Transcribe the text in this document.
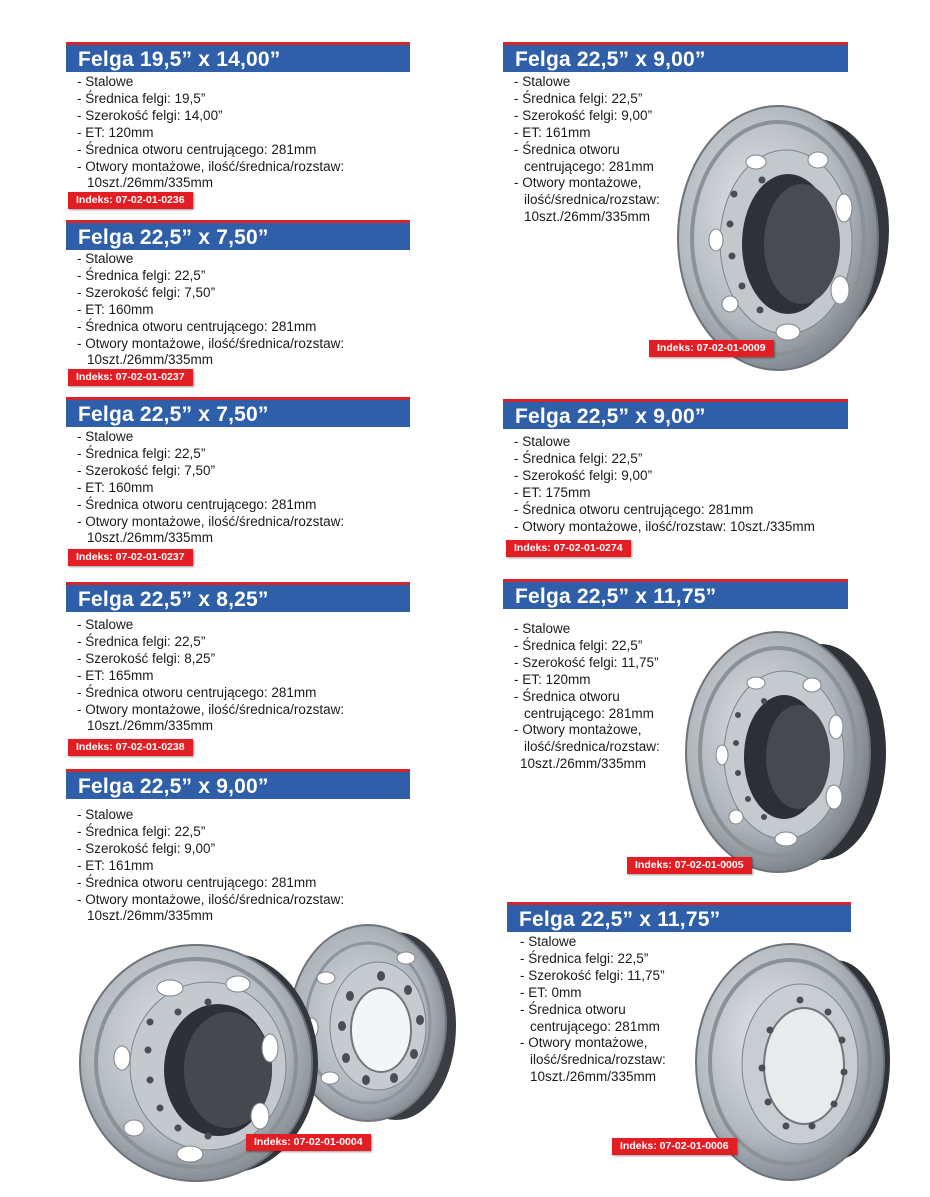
Felga 19,5” x 14,00”
- Stalowe
- Średnica felgi: 19,5”
- Szerokość felgi: 14,00”
- ET: 120mm
- Średnica otworu centrującego: 281mm
- Otwory montażowe, ilość/średnica/rozstaw:
10szt./26mm/335mm
Indeks: 07-02-01-0236
Felga 22,5” x 7,50”
- Stalowe
- Średnica felgi: 22,5”
- Szerokość felgi: 7,50”
- ET: 160mm
- Średnica otworu centrującego: 281mm
- Otwory montażowe, ilość/średnica/rozstaw:
10szt./26mm/335mm
Indeks: 07-02-01-0237
Felga 22,5” x 7,50”
- Stalowe
- Średnica felgi: 22,5”
- Szerokość felgi: 7,50”
- ET: 160mm
- Średnica otworu centrującego: 281mm
- Otwory montażowe, ilość/średnica/rozstaw:
10szt./26mm/335mm
Indeks: 07-02-01-0237
Felga 22,5” x 8,25”
- Stalowe
- Średnica felgi: 22,5”
- Szerokość felgi: 8,25”
- ET: 165mm
- Średnica otworu centrującego: 281mm
- Otwory montażowe, ilość/średnica/rozstaw:
10szt./26mm/335mm
Indeks: 07-02-01-0238
Felga 22,5” x 9,00”
- Stalowe
- Średnica felgi: 22,5”
- Szerokość felgi: 9,00”
- ET: 161mm
- Średnica otworu centrującego: 281mm
- Otwory montażowe, ilość/średnica/rozstaw:
10szt./26mm/335mm
Indeks: 07-02-01-0004
Felga 22,5” x 9,00”
- Stalowe
- Średnica felgi: 22,5”
- Szerokość felgi: 9,00”
- ET: 161mm
- Średnica otworu
centrującego: 281mm
- Otwory montażowe,
ilość/średnica/rozstaw:
10szt./26mm/335mm
Indeks: 07-02-01-0009
Felga 22,5” x 9,00”
- Stalowe
- Średnica felgi: 22,5”
- Szerokość felgi: 9,00”
- ET: 175mm
- Średnica otworu centrującego: 281mm
- Otwory montażowe, ilość/rozstaw: 10szt./335mm
Indeks: 07-02-01-0274
Felga 22,5” x 11,75”
- Stalowe
- Średnica felgi: 22,5”
- Szerokość felgi: 11,75”
- ET: 120mm
- Średnica otworu
centrującego: 281mm
- Otwory montażowe,
ilość/średnica/rozstaw:
10szt./26mm/335mm
Indeks: 07-02-01-0005
Felga 22,5” x 11,75”
- Stalowe
- Średnica felgi: 22,5”
- Szerokość felgi: 11,75”
- ET: 0mm
- Średnica otworu
centrującego: 281mm
- Otwory montażowe,
ilość/średnica/rozstaw:
10szt./26mm/335mm
Indeks: 07-02-01-0006
